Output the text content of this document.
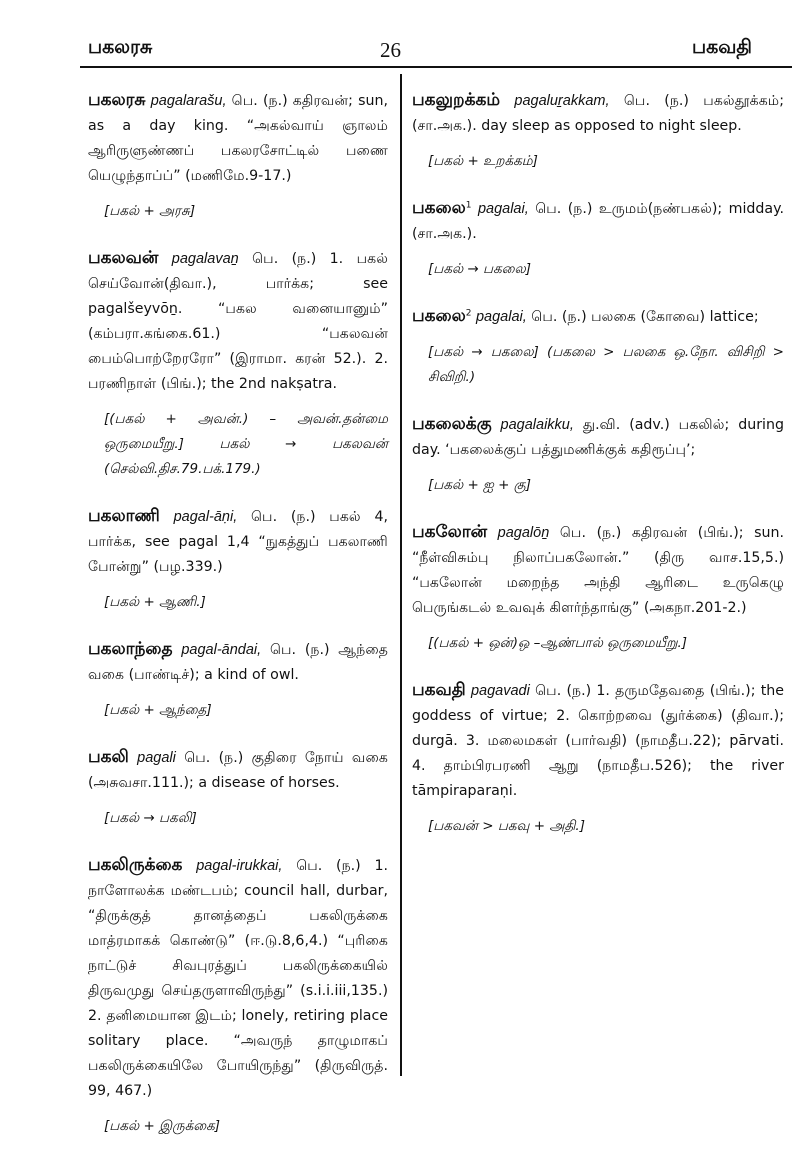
பகலரசு	26	பகவதி

பகலரசு pagalarašu, பெ. (ந.) கதிரவன்; sun, as a day king. “அகல்வாய் ஞாலம் ஆரிருளுண்ணப் பகலரசோட்டில் பணை யெழுந்தாப்ப்” (மணிமே.9-17.)

[பகல் + அரசு]

பகலவன் pagalavaṉ பெ. (ந.) 1. பகல் செய்வோன்(திவா.), பார்க்க; see pagalšeyvōṉ. “பகல வனையானும்” (கம்பரா.கங்கை.61.) “பகலவன் பைம்பொற்றேரரோ” (இராமா. கரன் 52.). 2. பரணிநாள் (பிங்.); the 2nd nakṣatra.

[(பகல் + அவன்.) – அவன்.தன்மை ஒருமையீறு.] பகல் → பகலவன் (செல்வி.திச.79.பக்.179.)

பகலாணி pagal-āṇi, பெ. (ந.) பகல் 4, பார்க்க, see pagal 1,4 “நுகத்துப் பகலாணி போன்று” (பழ.339.)

[பகல் + ஆணி.]

பகலாந்தை pagal-āndai, பெ. (ந.) ஆந்தை வகை (பாண்டிச்); a kind of owl.

[பகல் + ஆந்தை]

பகலி pagali பெ. (ந.) குதிரை நோய் வகை (அசுவசா.111.); a disease of horses.

[பகல் → பகலி]

பகலிருக்கை pagal-irukkai, பெ. (ந.) 1. நாளோலக்க மண்டபம்; council hall, durbar, “திருக்குத் தானத்தைப் பகலிருக்கை மாத்ரமாகக் கொண்டு” (ஈ.டு.8,6,4.) “புரிகை நாட்டுச் சிவபுரத்துப் பகலிருக்கையில் திருவமுது செய்தருளாவிருந்து” (s.i.i.iii,135.) 2. தனிமையான இடம்; lonely, retiring place solitary place. “அவருந் தாழுமாகப் பகலிருக்கையிலே போயிருந்து” (திருவிருத். 99, 467.)

[பகல் + இருக்கை]

பகலுறக்கம் pagaluṟakkam, பெ. (ந.) பகல்தூக்கம்; (சா.அக.). day sleep as opposed to night sleep.

[பகல் + உறக்கம்]

பகலை$^1$ pagalai, பெ. (ந.) உருமம்(நண்பகல்); midday. (சா.அக.).

[பகல் → பகலை]

பகலை$^2$ pagalai, பெ. (ந.) பலகை (கோவை) lattice;

[பகல் → பகலை] (பகலை > பலகை ஒ.நோ. விசிறி > சிவிறி.)

பகலைக்கு pagalaikku, து.வி. (adv.) பகலில்; during day. ‘பகலைக்குப் பத்துமணிக்குக் கதிரூப்பு’;

[பகல் + ஐ + கு]

பகலோன் pagalōṉ பெ. (ந.) கதிரவன் (பிங்.); sun. “நீள்விசும்பு நிலாப்பகலோன்.” (திரு வாச.15,5.) “பகலோன் மறைந்த அந்தி ஆரிடை உருகெழு பெருங்கடல் உவவுக் கிளர்ந்தாங்கு” (அகநா.201-2.)

[(பகல் + ஒன்)ஒ –ஆண்பால் ஒருமையீறு.]

பகவதி pagavadi பெ. (ந.) 1. தருமதேவதை (பிங்.); the goddess of virtue; 2. கொற்றவை (துர்க்கை) (திவா.); durgā. 3. மலைமகள் (பார்வதி) (நாமதீப.22); pārvati. 4. தாம்பிரபரணி ஆறு (நாமதீப.526); the river tāmpiraparaṇi.

[பகவன் > பகவு + அதி.]
